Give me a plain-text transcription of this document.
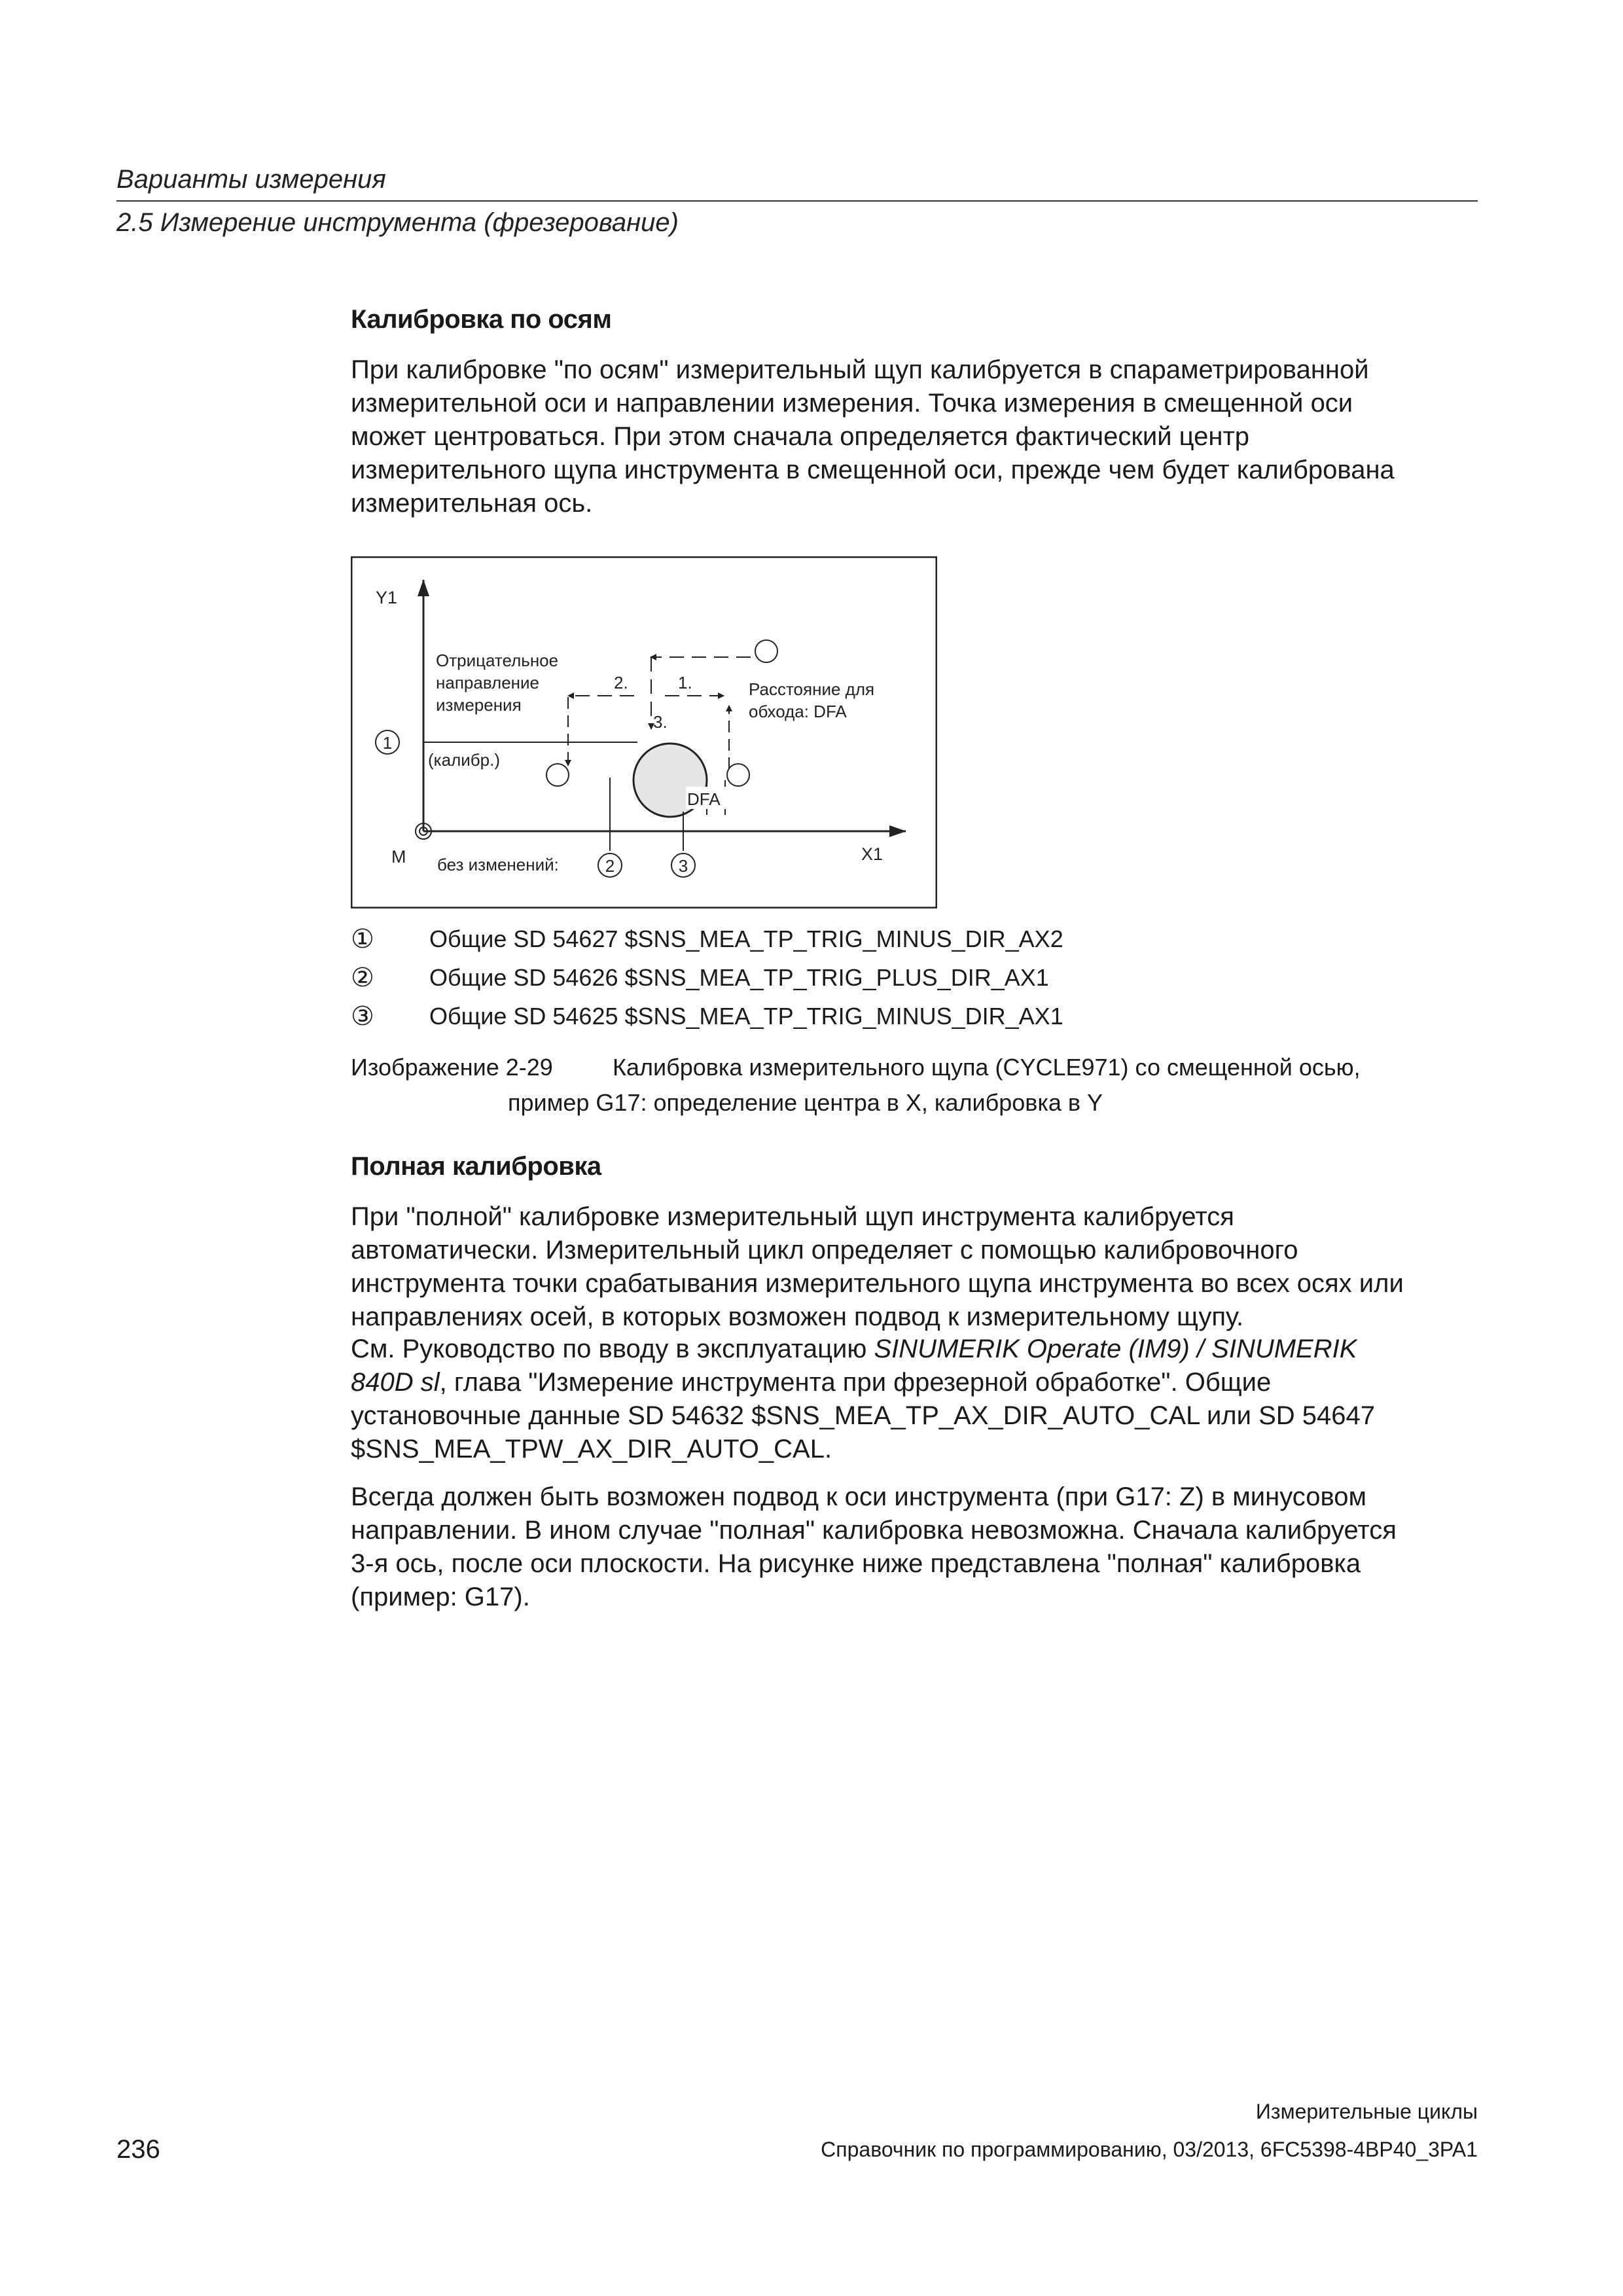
Варианты измерения
2.5 Измерение инструмента (фрезерование)
Калибровка по осям
При калибровке "по осям" измерительный щуп калибруется в спараметрированной
измерительной оси и направлении измерения. Точка измерения в смещенной оси
может центроваться. При этом сначала определяется фактический центр
измерительного щупа инструмента в смещенной оси, прежде чем будет калиброванa
измерительная ось.
Y1
X1
M
1
Отрицательное
направление
измерения
(калибр.)
2.	1.
3.
Расстояние для
обхода: DFA
DFA
без изменений:	2	3
① Общие SD 54627 $SNS_MEA_TP_TRIG_MINUS_DIR_AX2
② Общие SD 54626 $SNS_MEA_TP_TRIG_PLUS_DIR_AX1
③ Общие SD 54625 $SNS_MEA_TP_TRIG_MINUS_DIR_AX1
Изображение 2-29	Калибровка измерительного щупа (CYCLE971) со смещенной осью,
пример G17: определение центра в X, калибровка в Y
Полная калибровка
При "полной" калибровке измерительный щуп инструмента калибруется
автоматически. Измерительный цикл определяет с помощью калибровочного
инструмента точки срабатывания измерительного щупа инструмента во всех осях или
направлениях осей, в которых возможен подвод к измерительному щупу.
См. Руководство по вводу в эксплуатацию SINUMERIK Operate (IM9) / SINUMERIK
840D sl, глава "Измерение инструмента при фрезерной обработке". Общие
установочные данные SD 54632 $SNS_MEA_TP_AX_DIR_AUTO_CAL или SD 54647
$SNS_MEA_TPW_AX_DIR_AUTO_CAL.
Всегда должен быть возможен подвод к оси инструмента (при G17: Z) в минусовом
направлении. В ином случае "полная" калибровка невозможна. Сначала калибруется
3-я ось, после оси плоскости. На рисунке ниже представлена "полная" калибровка
(пример: G17).
Измерительные циклы
236	Справочник по программированию, 03/2013, 6FC5398-4BP40_3PA1
